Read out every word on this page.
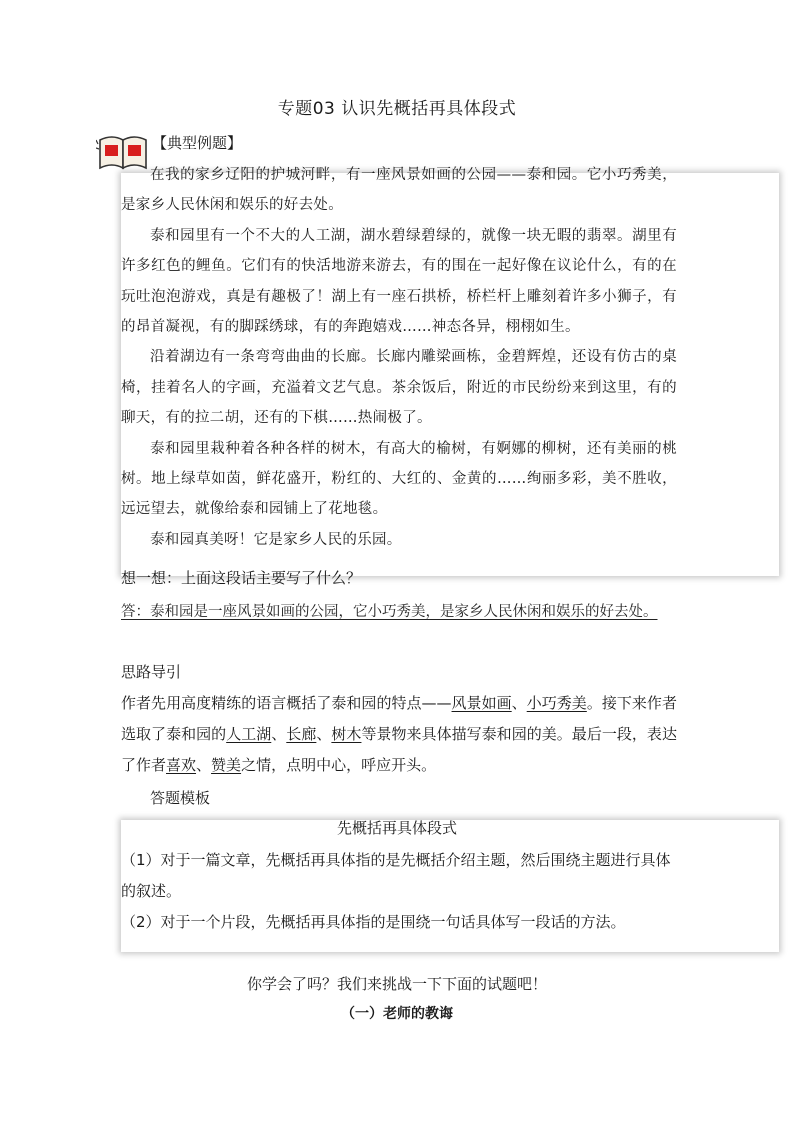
专题03 认识先概括再具体段式
【典型例题】

在我的家乡辽阳的护城河畔，有一座风景如画的公园——泰和园。它小巧秀美，是家乡人民休闲和娱乐的好去处。

泰和园里有一个不大的人工湖，湖水碧绿碧绿的，就像一块无暇的翡翠。湖里有许多红色的鲤鱼。它们有的快活地游来游去，有的围在一起好像在议论什么，有的在玩吐泡泡游戏，真是有趣极了！湖上有一座石拱桥，桥栏杆上雕刻着许多小狮子，有的昂首凝视，有的脚踩绣球，有的奔跑嬉戏……神态各异，栩栩如生。

沿着湖边有一条弯弯曲曲的长廊。长廊内雕梁画栋，金碧辉煌，还设有仿古的桌椅，挂着名人的字画，充溢着文艺气息。茶余饭后，附近的市民纷纷来到这里，有的聊天，有的拉二胡，还有的下棋……热闹极了。

泰和园里栽种着各种各样的树木，有高大的榆树，有婀娜的柳树，还有美丽的桃树。地上绿草如茵，鲜花盛开，粉红的、大红的、金黄的……绚丽多彩，美不胜收，远远望去，就像给泰和园铺上了花地毯。

泰和园真美呀！它是家乡人民的乐园。

想一想：上面这段话主要写了什么？
答：泰和园是一座风景如画的公园，它小巧秀美，是家乡人民休闲和娱乐的好去处。
思路导引
作者先用高度精练的语言概括了泰和园的特点——风景如画、小巧秀美。接下来作者选取了泰和园的人工湖、长廊、树木等景物来具体描写泰和园的美。最后一段，表达了作者喜欢、赞美之情，点明中心，呼应开头。
答题模板
先概括再具体段式
（1）对于一篇文章，先概括再具体指的是先概括介绍主题，然后围绕主题进行具体的叙述。
（2）对于一个片段，先概括再具体指的是围绕一句话具体写一段话的方法。
你学会了吗？我们来挑战一下下面的试题吧！
（一）老师的教诲
